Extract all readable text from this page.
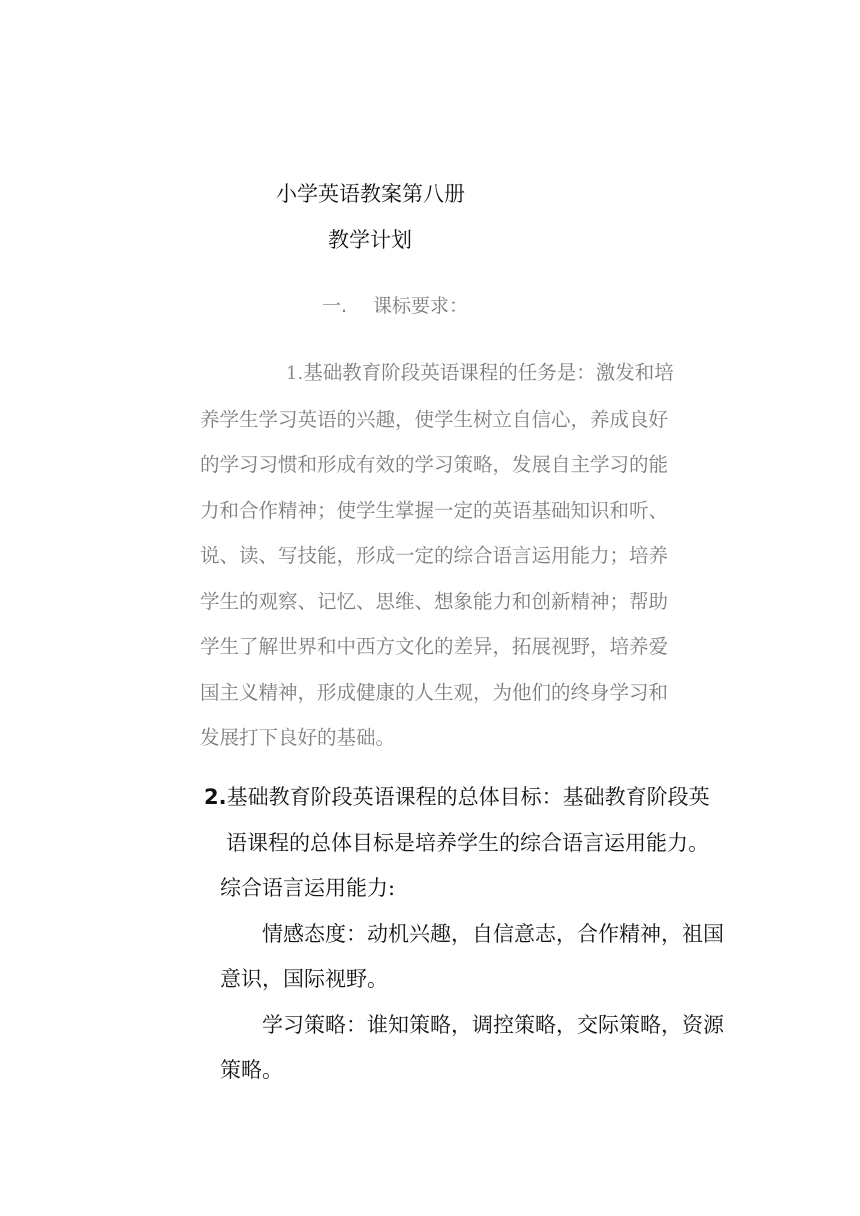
小学英语教案第八册
教学计划
一. 课标要求：
1.基础教育阶段英语课程的任务是：激发和培
养学生学习英语的兴趣，使学生树立自信心，养成良好
的学习习惯和形成有效的学习策略，发展自主学习的能
力和合作精神；使学生掌握一定的英语基础知识和听、
说、读、写技能，形成一定的综合语言运用能力；培养
学生的观察、记忆、思维、想象能力和创新精神；帮助
学生了解世界和中西方文化的差异，拓展视野，培养爱
国主义精神，形成健康的人生观，为他们的终身学习和
发展打下良好的基础。
2.基础教育阶段英语课程的总体目标：基础教育阶段英
语课程的总体目标是培养学生的综合语言运用能力。
综合语言运用能力:
情感态度：动机兴趣，自信意志，合作精神，祖国
意识，国际视野。
学习策略：谁知策略，调控策略，交际策略，资源
策略。
